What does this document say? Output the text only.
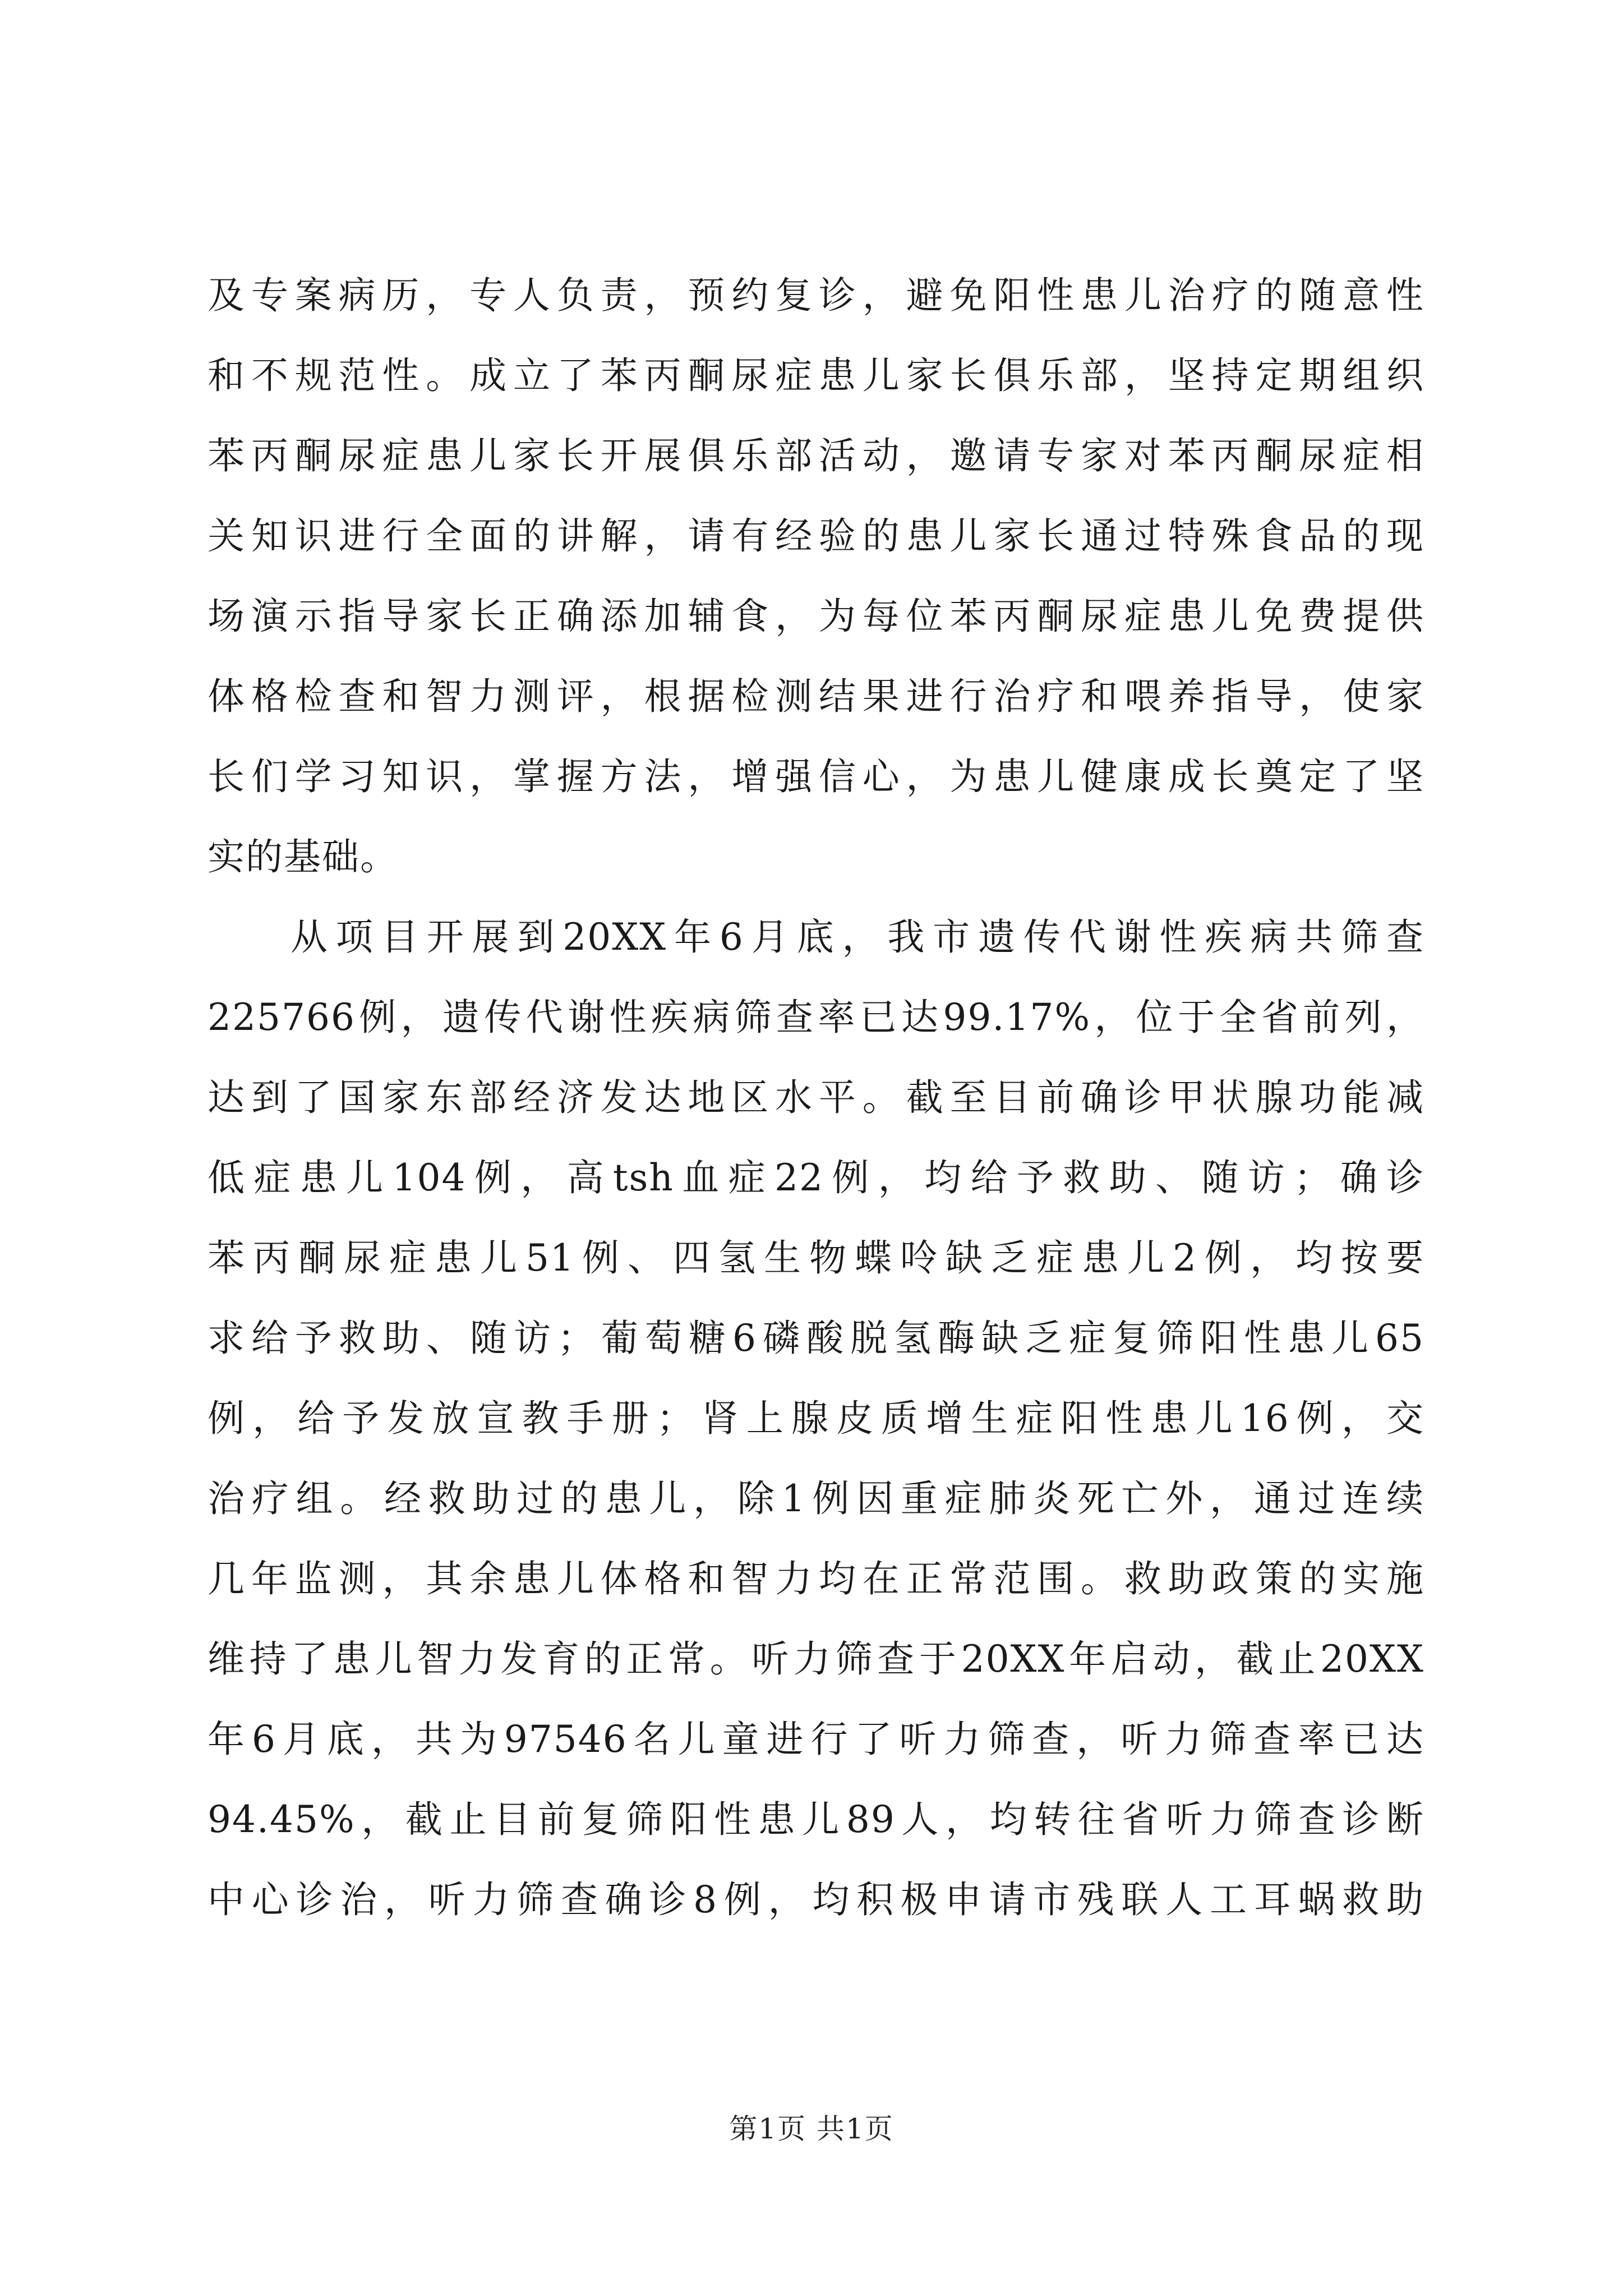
及专案病历，专人负责，预约复诊，避免阳性患儿治疗的随意性
和不规范性。成立了苯丙酮尿症患儿家长俱乐部，坚持定期组织
苯丙酮尿症患儿家长开展俱乐部活动，邀请专家对苯丙酮尿症相
关知识进行全面的讲解，请有经验的患儿家长通过特殊食品的现
场演示指导家长正确添加辅食，为每位苯丙酮尿症患儿免费提供
体格检查和智力测评，根据检测结果进行治疗和喂养指导，使家
长们学习知识，掌握方法，增强信心，为患儿健康成长奠定了坚
实的基础。
从项目开展到20XX年6月底，我市遗传代谢性疾病共筛查
225766例，遗传代谢性疾病筛查率已达99.17%，位于全省前列，
达到了国家东部经济发达地区水平。截至目前确诊甲状腺功能减
低症患儿104例，高tsh血症22例，均给予救助、随访；确诊
苯丙酮尿症患儿51例、四氢生物蝶呤缺乏症患儿2例，均按要
求给予救助、随访；葡萄糖6磷酸脱氢酶缺乏症复筛阳性患儿65
例，给予发放宣教手册；肾上腺皮质增生症阳性患儿16例，交
治疗组。经救助过的患儿，除1例因重症肺炎死亡外，通过连续
几年监测，其余患儿体格和智力均在正常范围。救助政策的实施
维持了患儿智力发育的正常。听力筛查于20XX年启动，截止20XX
年6月底，共为97546名儿童进行了听力筛查，听力筛查率已达
94.45%，截止目前复筛阳性患儿89人，均转往省听力筛查诊断
中心诊治，听力筛查确诊8例，均积极申请市残联人工耳蜗救助
第1页 共1页
